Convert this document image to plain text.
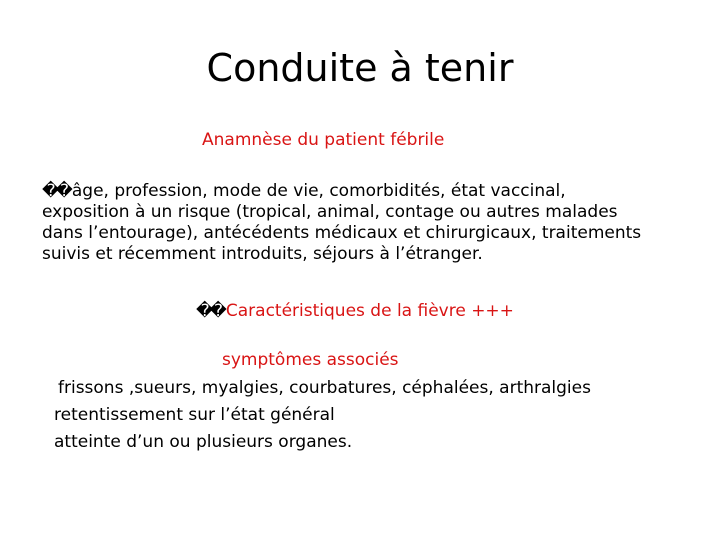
Conduite à tenir
Anamnèse du patient fébrile
�� âge, profession, mode de vie, comorbidités, état vaccinal,
exposition à un risque (tropical, animal, contage ou autres malades
dans l’entourage), antécédents médicaux et chirurgicaux, traitements
suivis et récemment introduits, séjours à l’étranger.
�� Caractéristiques de la fièvre +++
symptômes associés
frissons ,sueurs, myalgies, courbatures, céphalées, arthralgies
retentissement sur l’état général
atteinte d’un ou plusieurs organes.
